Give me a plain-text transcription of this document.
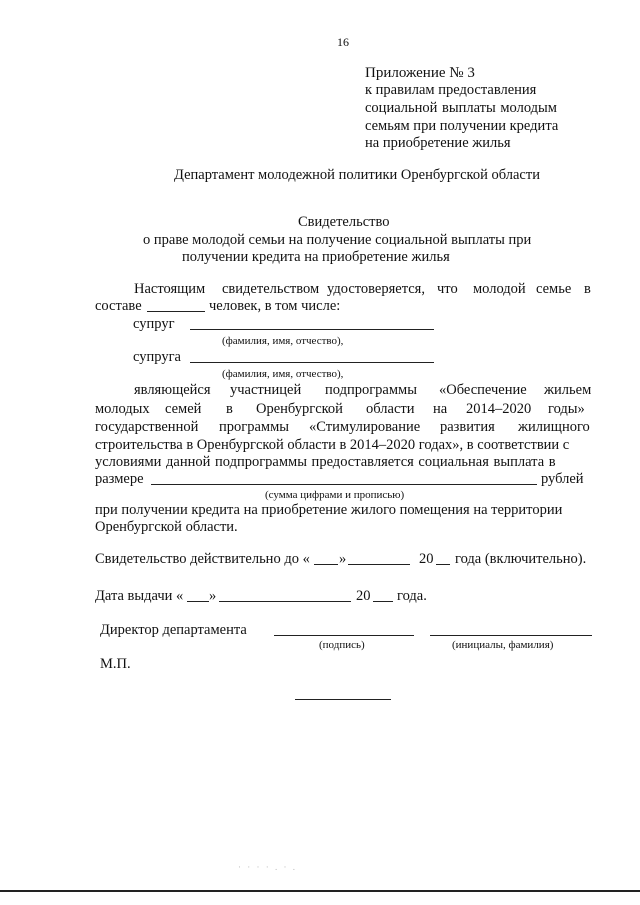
16
Приложение № 3
к правилам предоставления
социальной выплаты молодым
семьям при получении кредита
на приобретение жилья
Департамент молодежной политики Оренбургской области
Свидетельство
о праве молодой семьи на получение социальной выплаты при
получении кредита на приобретение жилья
Настоящим свидетельством удостоверяется, что молодой семье в
составе	человек, в том числе:
супруг
(фамилия, имя, отчество),
супруга
(фамилия, имя, отчество),
являющейся участницей подпрограммы «Обеспечение жильем
молодых семей в Оренбургской области на 2014–2020 годы»
государственной программы «Стимулирование развития жилищного
строительства в Оренбургской области в 2014–2020 годах», в соответствии с
условиями данной подпрограммы предоставляется социальная выплата в
размере	рублей
(сумма цифрами и прописью)
при получении кредита на приобретение жилого помещения на территории
Оренбургской области.
Свидетельство действительно до « »	20 года (включительно).
Дата выдачи « »	20 года.
Директор департамента
(подпись)	(инициалы, фамилия)
М.П.
· · · · . · .
